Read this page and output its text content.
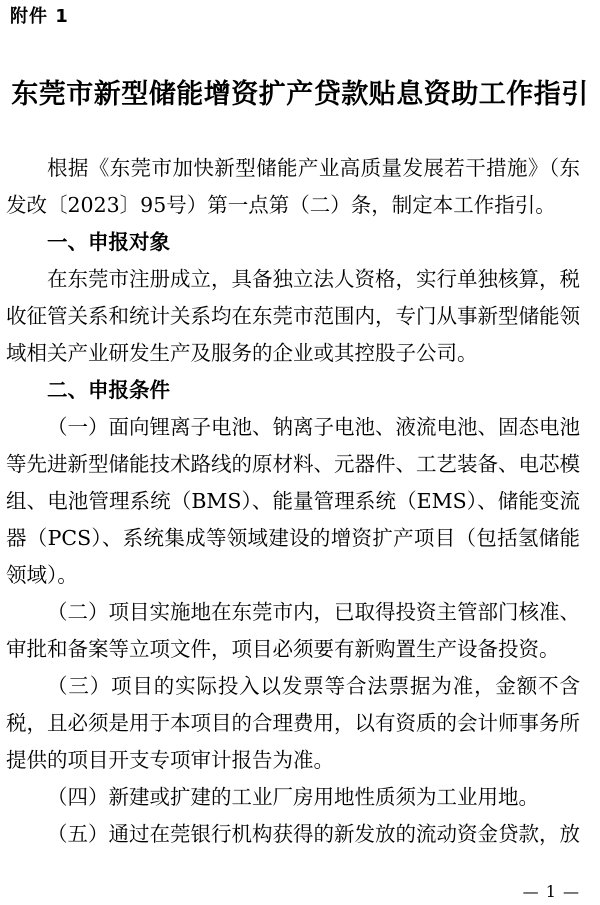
附件 1
东莞市新型储能增资扩产贷款贴息资助工作指引

根据《东莞市加快新型储能产业高质量发展若干措施》（东发改〔2023〕95号）第一点第（二）条，制定本工作指引。

一、申报对象

在东莞市注册成立，具备独立法人资格，实行单独核算，税收征管关系和统计关系均在东莞市范围内，专门从事新型储能领域相关产业研发生产及服务的企业或其控股子公司。

二、申报条件

（一）面向锂离子电池、钠离子电池、液流电池、固态电池等先进新型储能技术路线的原材料、元器件、工艺装备、电芯模组、电池管理系统（BMS）、能量管理系统（EMS）、储能变流器（PCS）、系统集成等领域建设的增资扩产项目（包括氢储能领域）。

（二）项目实施地在东莞市内，已取得投资主管部门核准、审批和备案等立项文件，项目必须要有新购置生产设备投资。

（三）项目的实际投入以发票等合法票据为准，金额不含税，且必须是用于本项目的合理费用，以有资质的会计师事务所提供的项目开支专项审计报告为准。

（四）新建或扩建的工业厂房用地性质须为工业用地。

（五）通过在莞银行机构获得的新发放的流动资金贷款，放

— 1 —
